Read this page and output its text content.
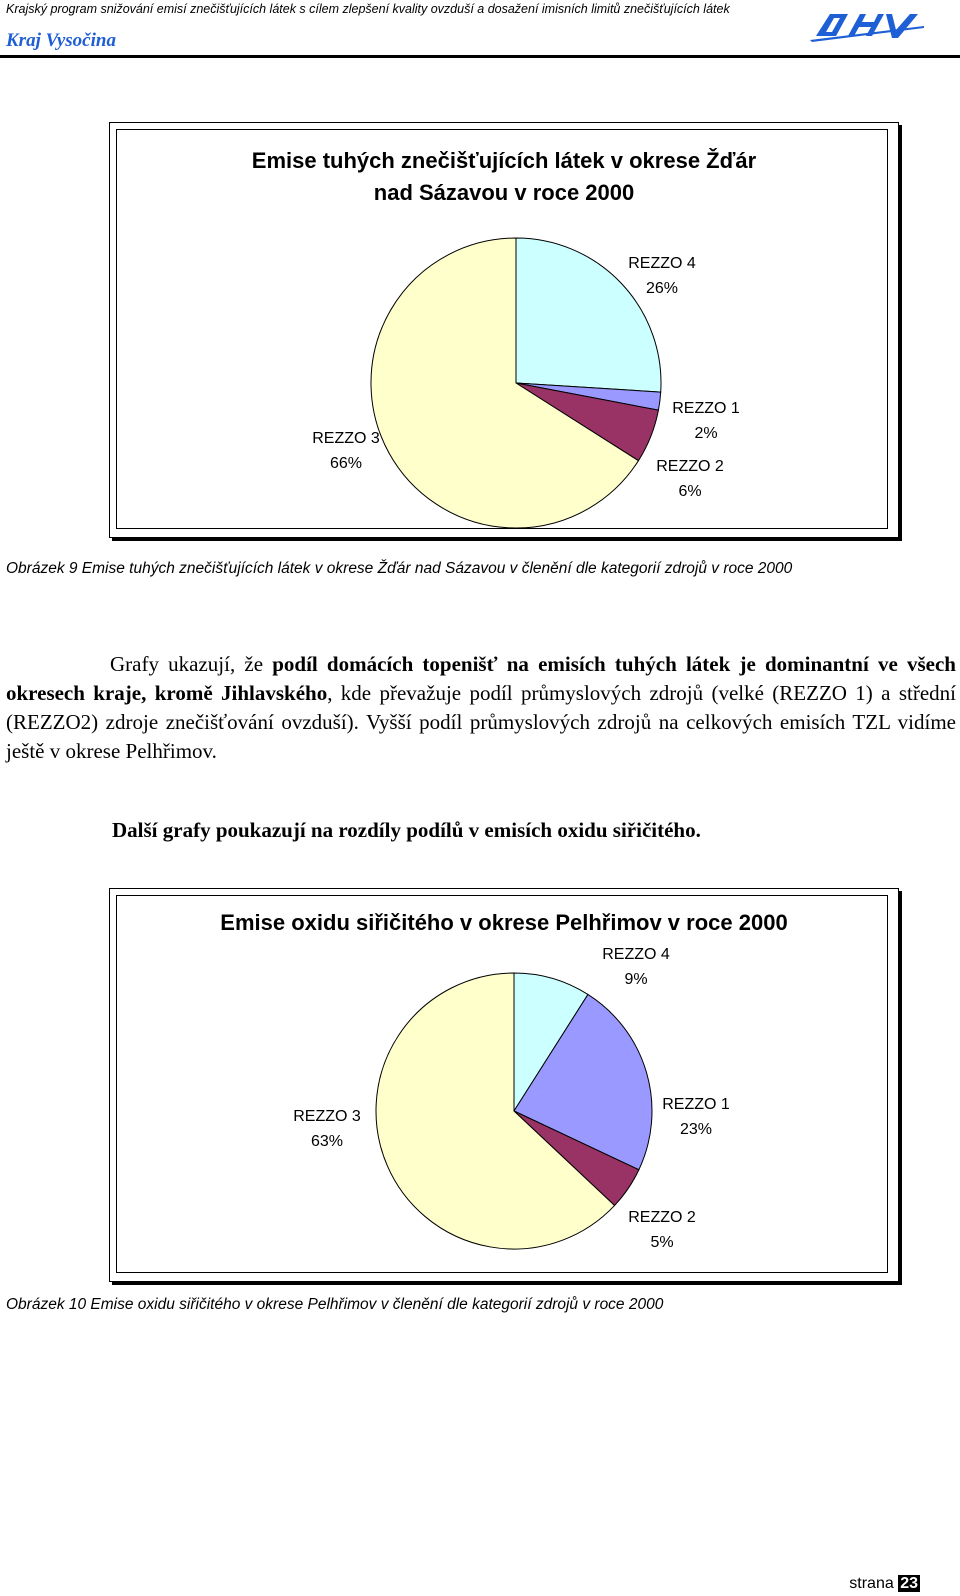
Krajský program snižování emisí znečišťujících látek s cílem zlepšení kvality ovzduší a dosažení imisních limitů znečišťujících látek
Kraj Vysočina
Emise tuhých znečišťujících látek v okrese Žďár
nad Sázavou v roce 2000
REZZO 4
26%
REZZO 1
2%
REZZO 2
6%
REZZO 3
66%
Obrázek 9 Emise tuhých znečišťujících látek v okrese Žďár nad Sázavou v členění dle kategorií zdrojů v roce 2000
Grafy ukazují, že podíl domácích topenišť na emisích tuhých látek je dominantní ve všech okresech kraje, kromě Jihlavského, kde převažuje podíl průmyslových zdrojů (velké (REZZO 1) a střední (REZZO2) zdroje znečišťování ovzduší). Vyšší podíl průmyslových zdrojů na celkových emisích TZL vidíme ještě v okrese Pelhřimov.
Další grafy poukazují na rozdíly podílů v emisích oxidu siřičitého.
Emise oxidu siřičitého v okrese Pelhřimov v roce 2000
REZZO 4
9%
REZZO 1
23%
REZZO 2
5%
REZZO 3
63%
Obrázek 10 Emise oxidu siřičitého v okrese Pelhřimov v členění dle kategorií zdrojů v roce 2000
strana 23
